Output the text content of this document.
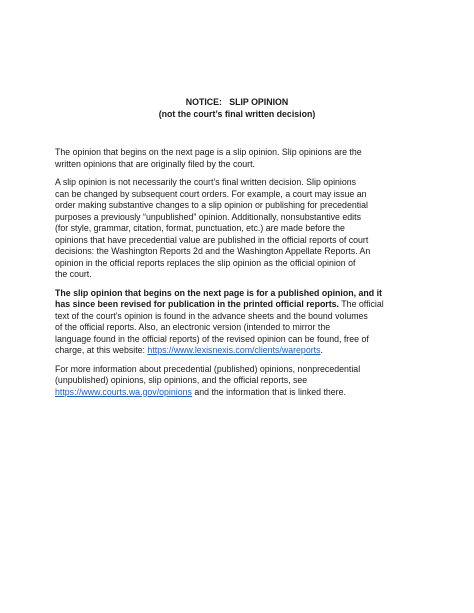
NOTICE:   SLIP OPINION
(not the court’s final written decision)

The opinion that begins on the next page is a slip opinion. Slip opinions are the
written opinions that are originally filed by the court.

A slip opinion is not necessarily the court’s final written decision. Slip opinions
can be changed by subsequent court orders. For example, a court may issue an
order making substantive changes to a slip opinion or publishing for precedential
purposes a previously “unpublished” opinion. Additionally, nonsubstantive edits
(for style, grammar, citation, format, punctuation, etc.) are made before the
opinions that have precedential value are published in the official reports of court
decisions: the Washington Reports 2d and the Washington Appellate Reports. An
opinion in the official reports replaces the slip opinion as the official opinion of
the court.

The slip opinion that begins on the next page is for a published opinion, and it
has since been revised for publication in the printed official reports. The official
text of the court’s opinion is found in the advance sheets and the bound volumes
of the official reports. Also, an electronic version (intended to mirror the
language found in the official reports) of the revised opinion can be found, free of
charge, at this website: https://www.lexisnexis.com/clients/wareports.

For more information about precedential (published) opinions, nonprecedential
(unpublished) opinions, slip opinions, and the official reports, see
https://www.courts.wa.gov/opinions and the information that is linked there.
